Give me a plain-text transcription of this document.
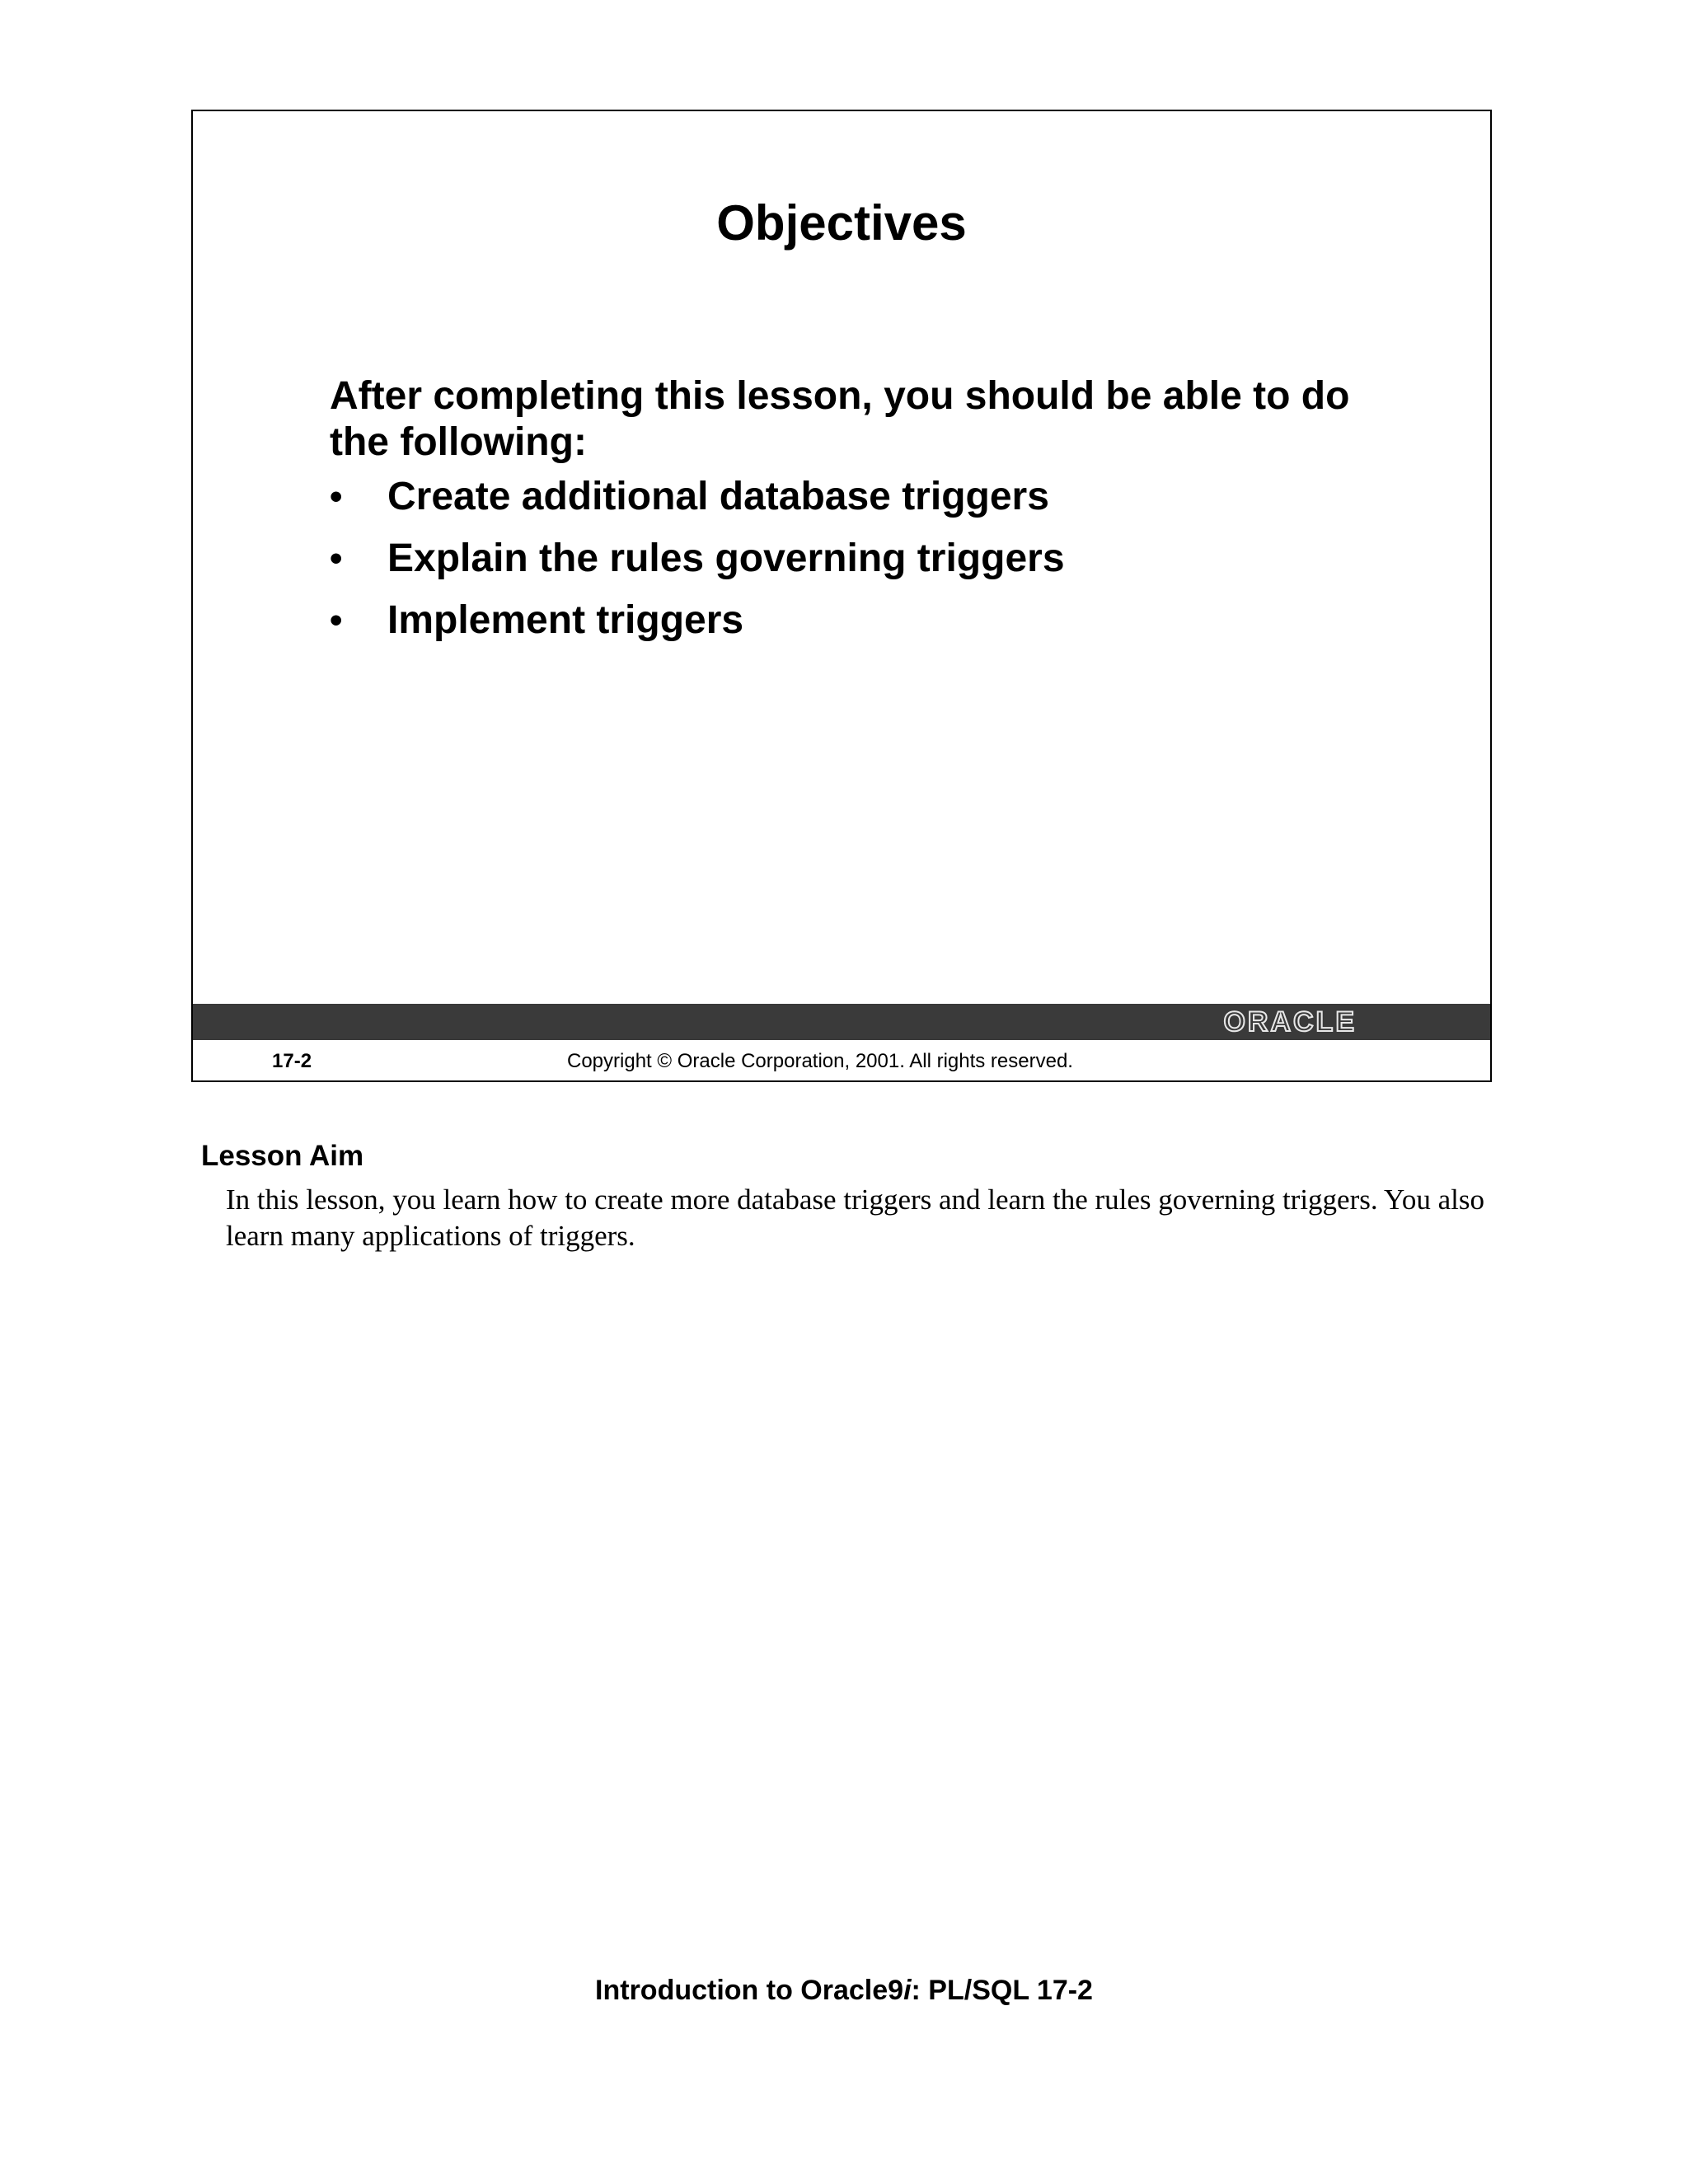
Objectives

After completing this lesson, you should be able to do the following:

• Create additional database triggers
• Explain the rules governing triggers
• Implement triggers
ORACLE
17-2	Copyright © Oracle Corporation, 2001. All rights reserved.
Lesson Aim

In this lesson, you learn how to create more database triggers and learn the rules governing triggers. You also learn many applications of triggers.

Introduction to Oracle9i: PL/SQL 17-2
